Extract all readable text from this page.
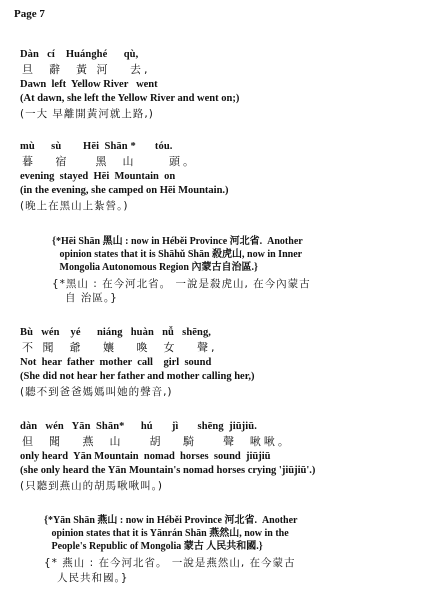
Page 7
Dàn   cí    Huánghé      qù,
旦  辭  黃 河   去,
Dawn  left  Yellow River   went
(At dawn, she left the Yellow River and went on;)
(一大 早離開黃河就上路,)
mù      sù        Hēi  Shān *       tóu.
暮   宿    黑  山     頭。
evening  stayed  Hēi  Mountain  on
(in the evening, she camped on Hēi Mountain.)
(晚上在黑山上紮營。)
{*Hēi Shān 黑山 : now in Héběi Province 河北省.  Another
opinion states that it is Shāhǔ Shān 殺虎山, now in Inner
Mongolia Autonomous Region 內蒙古自治區.}
{*黑山 : 在今河北省。 一說是殺虎山, 在今內蒙古
自 治區。}
Bù   wén    yé      niáng   huàn   nǚ   shēng,
不 聞  爺   孃   喚  女   聲,
Not  hear  father  mother  call    girl  sound
(She did not hear her father and mother calling her,)
(聽不到爸爸媽媽叫她的聲音,)
dàn   wén   Yān  Shān*      hú       jì       shēng  jiūjiū.
但  聞   燕  山    胡   騎    聲  啾啾。
only heard  Yān Mountain  nomad  horses  sound  jiūjiū
(she only heard the Yān Mountain's nomad horses crying 'jiūjiū'.)
(只聽到燕山的胡馬啾啾叫。)
{*Yān Shān 燕山 : now in Héběi Province 河北省.  Another
opinion states that it is Yānrán Shān 燕然山, now in the
People's Republic of Mongolia 蒙古 人民共和國.}
{* 燕山 : 在今河北省。 一說是燕然山, 在今蒙古
人民共和國。}
